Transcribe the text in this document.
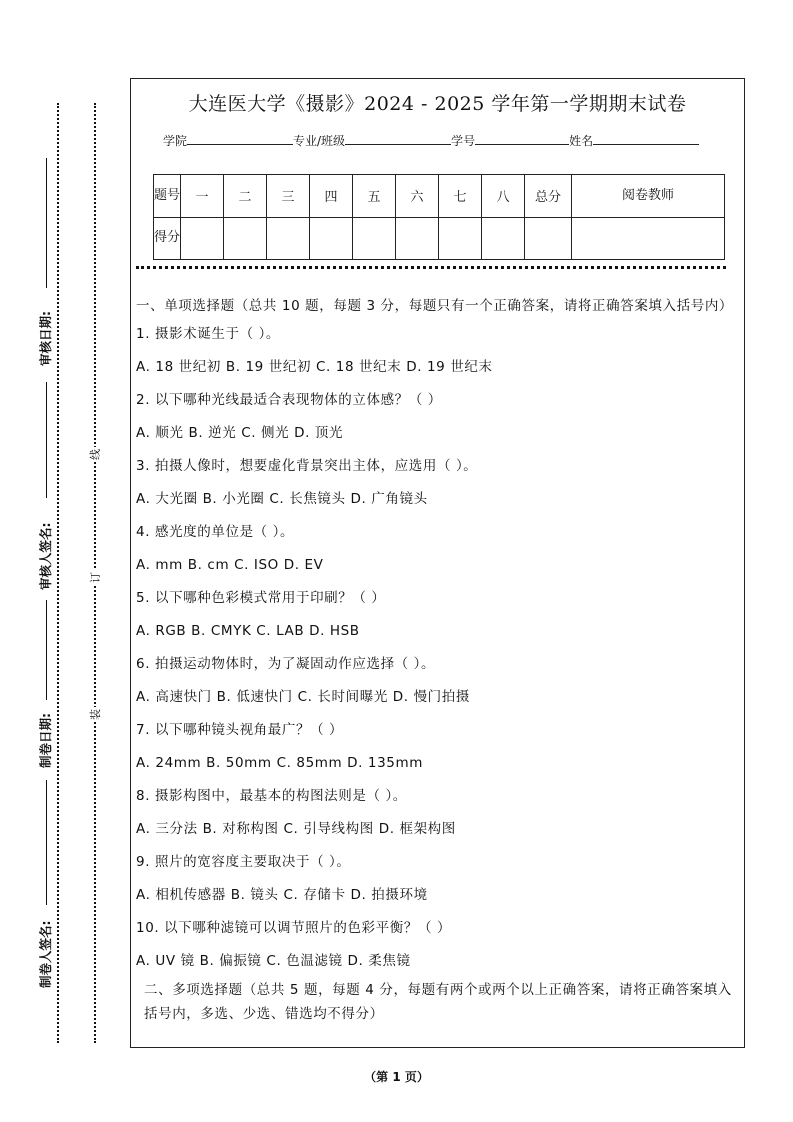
审核日期:
审核人签名:
制卷日期:
制卷人签名:
线
订
装
大连医大学《摄影》2024 - 2025 学年第一学期期末试卷
学院	专业/班级	学号	姓名
题号	一	二	三	四	五	六	七	八	总分	阅卷教师
得分										

一、单项选择题（总共 10 题，每题 3 分，每题只有一个正确答案，请将正确答案填入括号内）

1. 摄影术诞生于（ ）。

A. 18 世纪初 B. 19 世纪初 C. 18 世纪末 D. 19 世纪末

2. 以下哪种光线最适合表现物体的立体感？（ ）

A. 顺光 B. 逆光 C. 侧光 D. 顶光

3. 拍摄人像时，想要虚化背景突出主体，应选用（ ）。

A. 大光圈 B. 小光圈 C. 长焦镜头 D. 广角镜头

4. 感光度的单位是（ ）。

A. mm B. cm C. ISO D. EV

5. 以下哪种色彩模式常用于印刷？（ ）

A. RGB B. CMYK C. LAB D. HSB

6. 拍摄运动物体时，为了凝固动作应选择（ ）。

A. 高速快门 B. 低速快门 C. 长时间曝光 D. 慢门拍摄

7. 以下哪种镜头视角最广？（ ）

A. 24mm B. 50mm C. 85mm D. 135mm

8. 摄影构图中，最基本的构图法则是（ ）。

A. 三分法 B. 对称构图 C. 引导线构图 D. 框架构图

9. 照片的宽容度主要取决于（ ）。

A. 相机传感器 B. 镜头 C. 存储卡 D. 拍摄环境

10. 以下哪种滤镜可以调节照片的色彩平衡？（ ）

A. UV 镜 B. 偏振镜 C. 色温滤镜 D. 柔焦镜

二、多项选择题（总共 5 题，每题 4 分，每题有两个或两个以上正确答案，请将正确答案填入括号内，多选、少选、错选均不得分）

（第 1 页）
